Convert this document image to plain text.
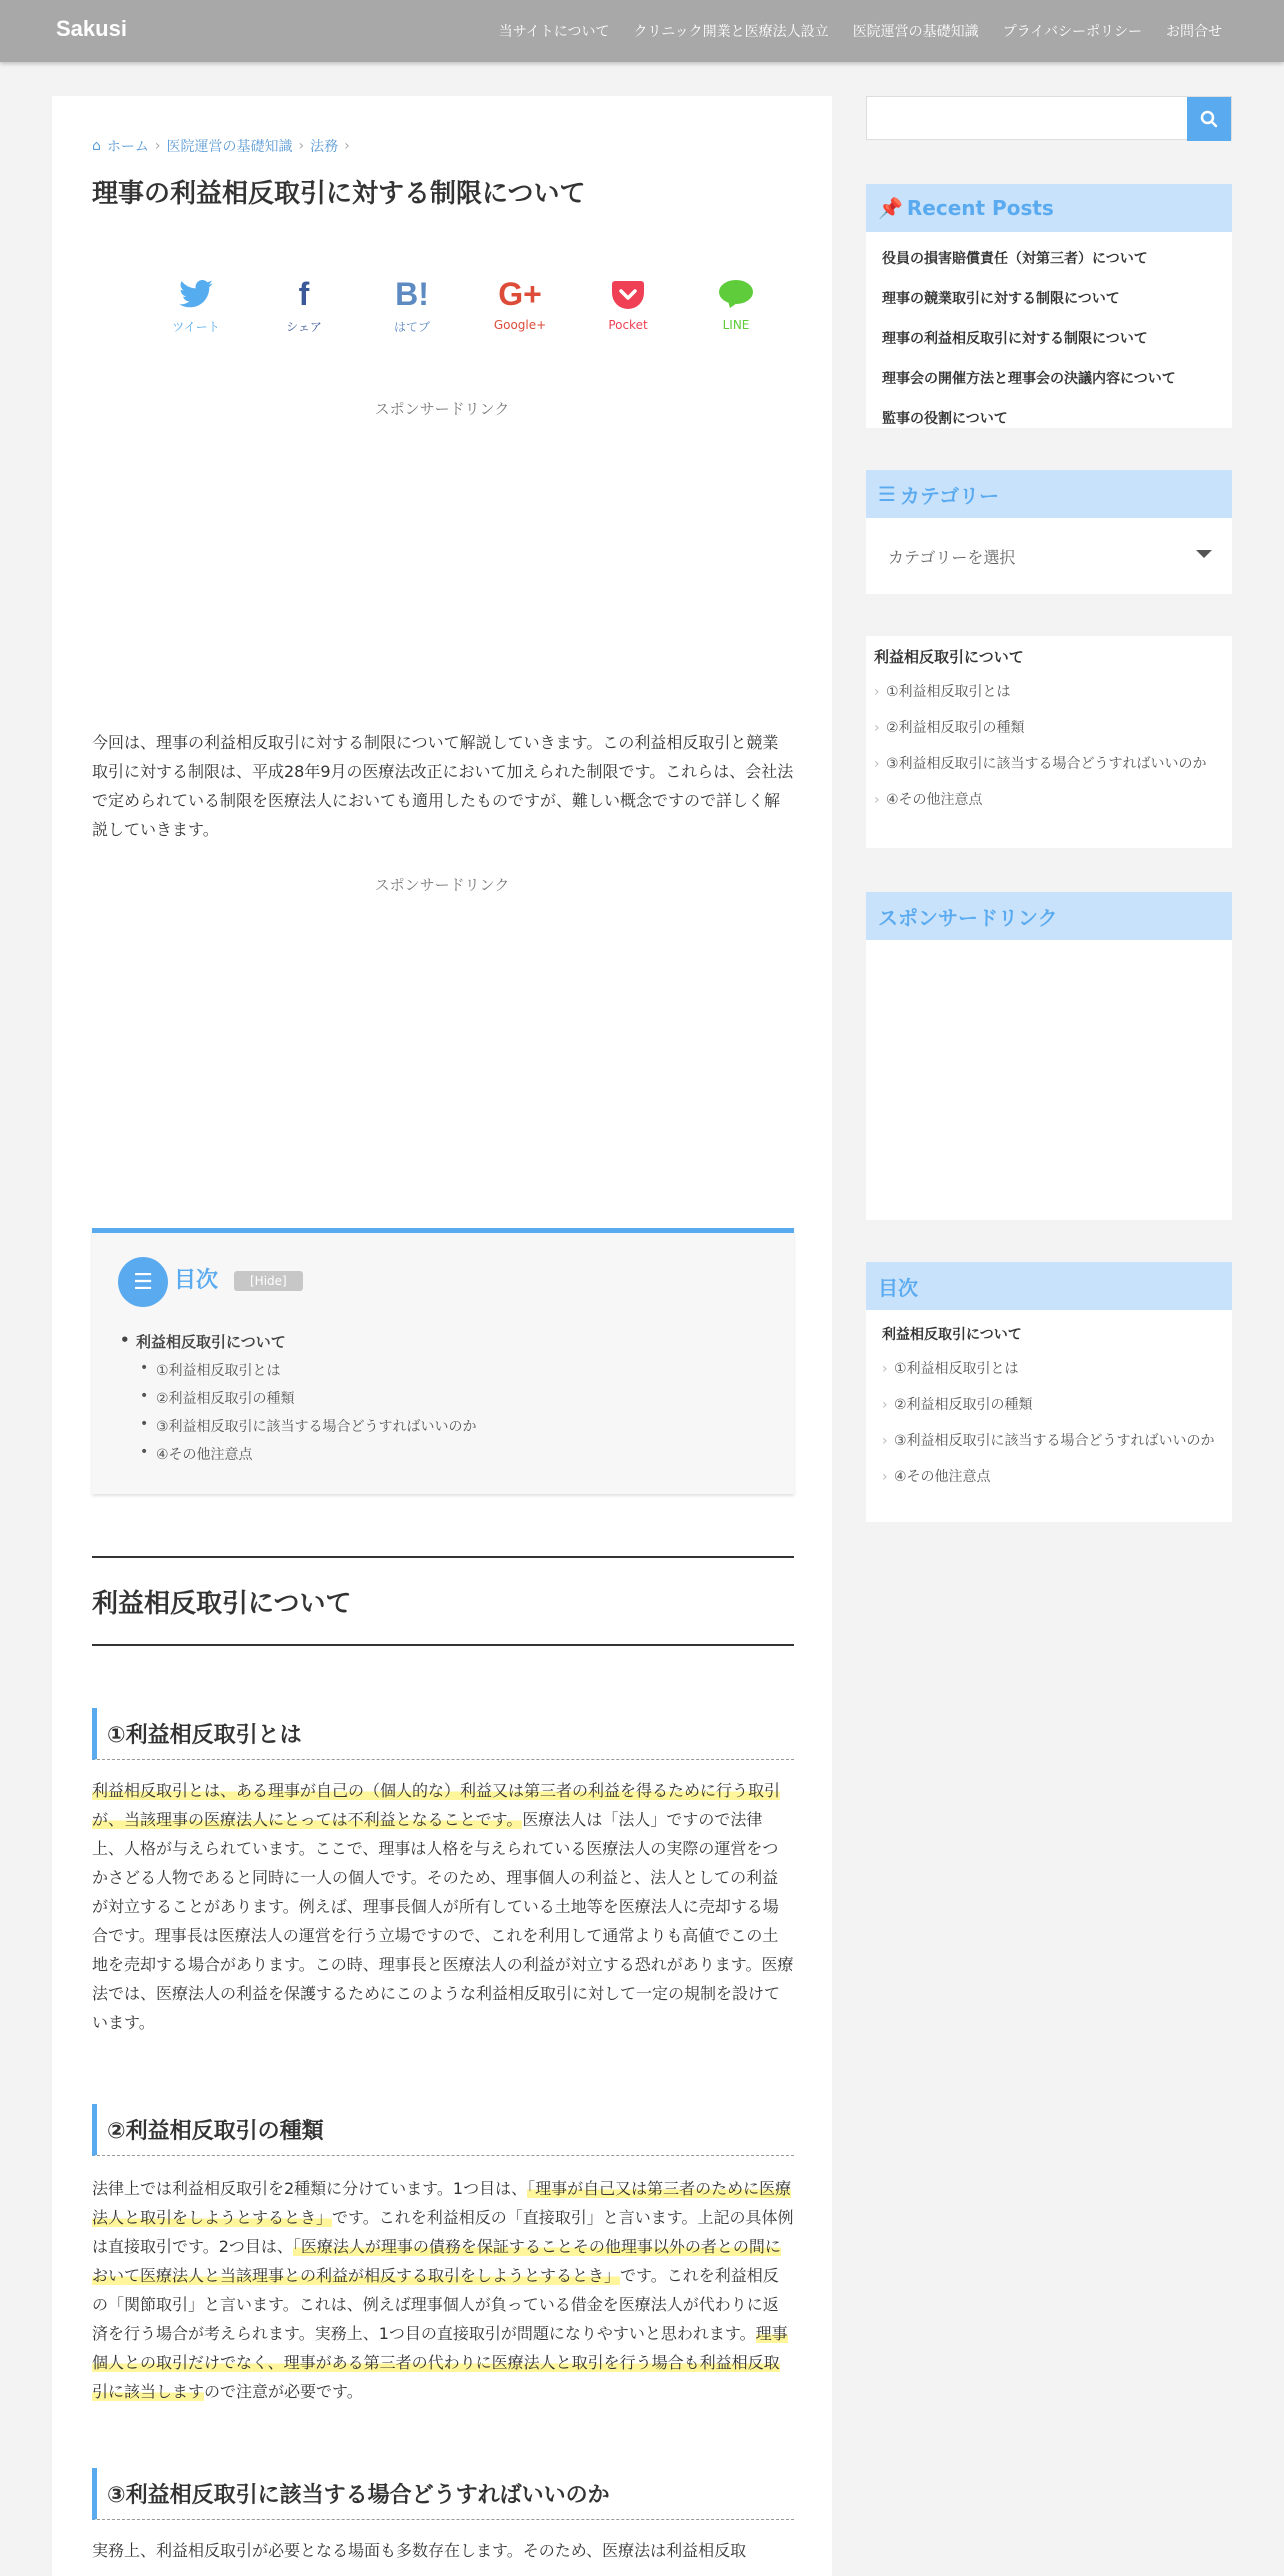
Sakusi	当サイトについて クリニック開業と医療法人設立 医院運営の基礎知識 プライバシーポリシー お問合せ
⌂ ホーム › 医院運営の基礎知識 › 法務 ›
理事の利益相反取引に対する制限について
ツイート
f
シェア
B!
はてブ
G+
Google+	Pocket	LINE
スポンサードリンク

今回は、理事の利益相反取引に対する制限について解説していきます。この利益相反取引と競業取引に対する制限は、平成28年9月の医療法改正において加えられた制限です。これらは、会社法で定められている制限を医療法人においても適用したものですが、難しい概念ですので詳しく解説していきます。

スポンサードリンク
☰ 目次	[Hide]
• 利益相反取引について
• ①利益相反取引とは
• ②利益相反取引の種類
• ③利益相反取引に該当する場合どうすればいいのか
• ④その他注意点
利益相反取引について
①利益相反取引とは

利益相反取引とは、ある理事が自己の（個人的な）利益又は第三者の利益を得るために行う取引が、当該理事の医療法人にとっては不利益となることです。医療法人は「法人」ですので法律上、人格が与えられています。ここで、理事は人格を与えられている医療法人の実際の運営をつかさどる人物であると同時に一人の個人です。そのため、理事個人の利益と、法人としての利益が対立することがあります。例えば、理事長個人が所有している土地等を医療法人に売却する場合です。理事長は医療法人の運営を行う立場ですので、これを利用して通常よりも高値でこの土地を売却する場合があります。この時、理事長と医療法人の利益が対立する恐れがあります。医療法では、医療法人の利益を保護するためにこのような利益相反取引に対して一定の規制を設けています。

②利益相反取引の種類

法律上では利益相反取引を2種類に分けています。1つ目は、「理事が自己又は第三者のために医療法人と取引をしようとするとき」です。これを利益相反の「直接取引」と言います。上記の具体例は直接取引です。2つ目は、「医療法人が理事の債務を保証することその他理事以外の者との間において医療法人と当該理事との利益が相反する取引をしようとするとき」です。これを利益相反の「関節取引」と言います。これは、例えば理事個人が負っている借金を医療法人が代わりに返済を行う場合が考えられます。実務上、1つ目の直接取引が問題になりやすいと思われます。理事個人との取引だけでなく、理事がある第三者の代わりに医療法人と取引を行う場合も利益相反取引に該当しますので注意が必要です。

③利益相反取引に該当する場合どうすればいいのか

実務上、利益相反取引が必要となる場面も多数存在します。そのため、医療法は利益相反取

📌 Recent Posts
役員の損害賠償責任（対第三者）について
理事の競業取引に対する制限について
理事の利益相反取引に対する制限について
理事会の開催方法と理事会の決議内容について
監事の役割について
☰ カテゴリー
カテゴリーを選択
利益相反取引について
› ①利益相反取引とは
› ②利益相反取引の種類
› ③利益相反取引に該当する場合どうすればいいのか
› ④その他注意点
スポンサードリンク
目次
利益相反取引について
› ①利益相反取引とは
› ②利益相反取引の種類
› ③利益相反取引に該当する場合どうすればいいのか
› ④その他注意点
